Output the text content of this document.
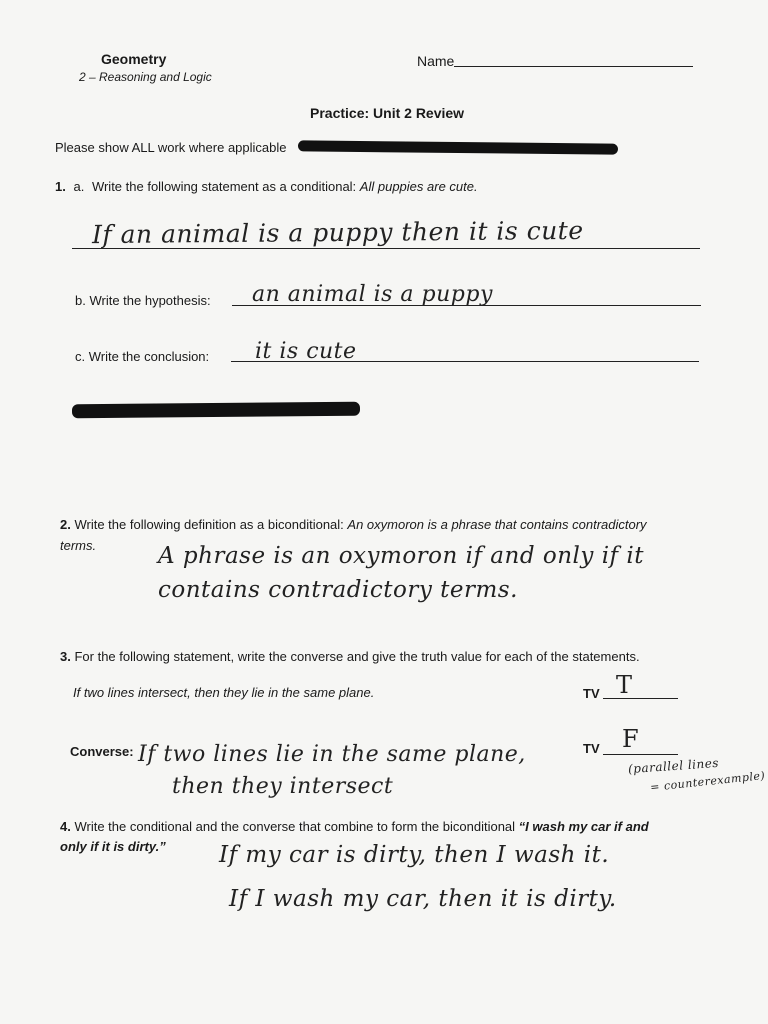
Geometry
2 – Reasoning and Logic
Name
Practice: Unit 2 Review
Please show ALL work where applicable
1. a. Write the following statement as a conditional: All puppies are cute.
If an animal is a puppy then it is cute
b. Write the hypothesis: an animal is a puppy
c. Write the conclusion: it is cute
2. Write the following definition as a biconditional: An oxymoron is a phrase that contains contradictory
terms.	A phrase is an oxymoron if and only if it
contains contradictory terms.
3. For the following statement, write the converse and give the truth value for each of the statements.
If two lines intersect, then they lie in the same plane.	TV T
Converse: If two lines lie in the same plane,
then they intersect
TV F
(parallel lines
= counterexample)
4. Write the conditional and the converse that combine to form the biconditional “I wash my car if and
only if it is dirty.” If my car is dirty, then I wash it.
If I wash my car, then it is dirty.
